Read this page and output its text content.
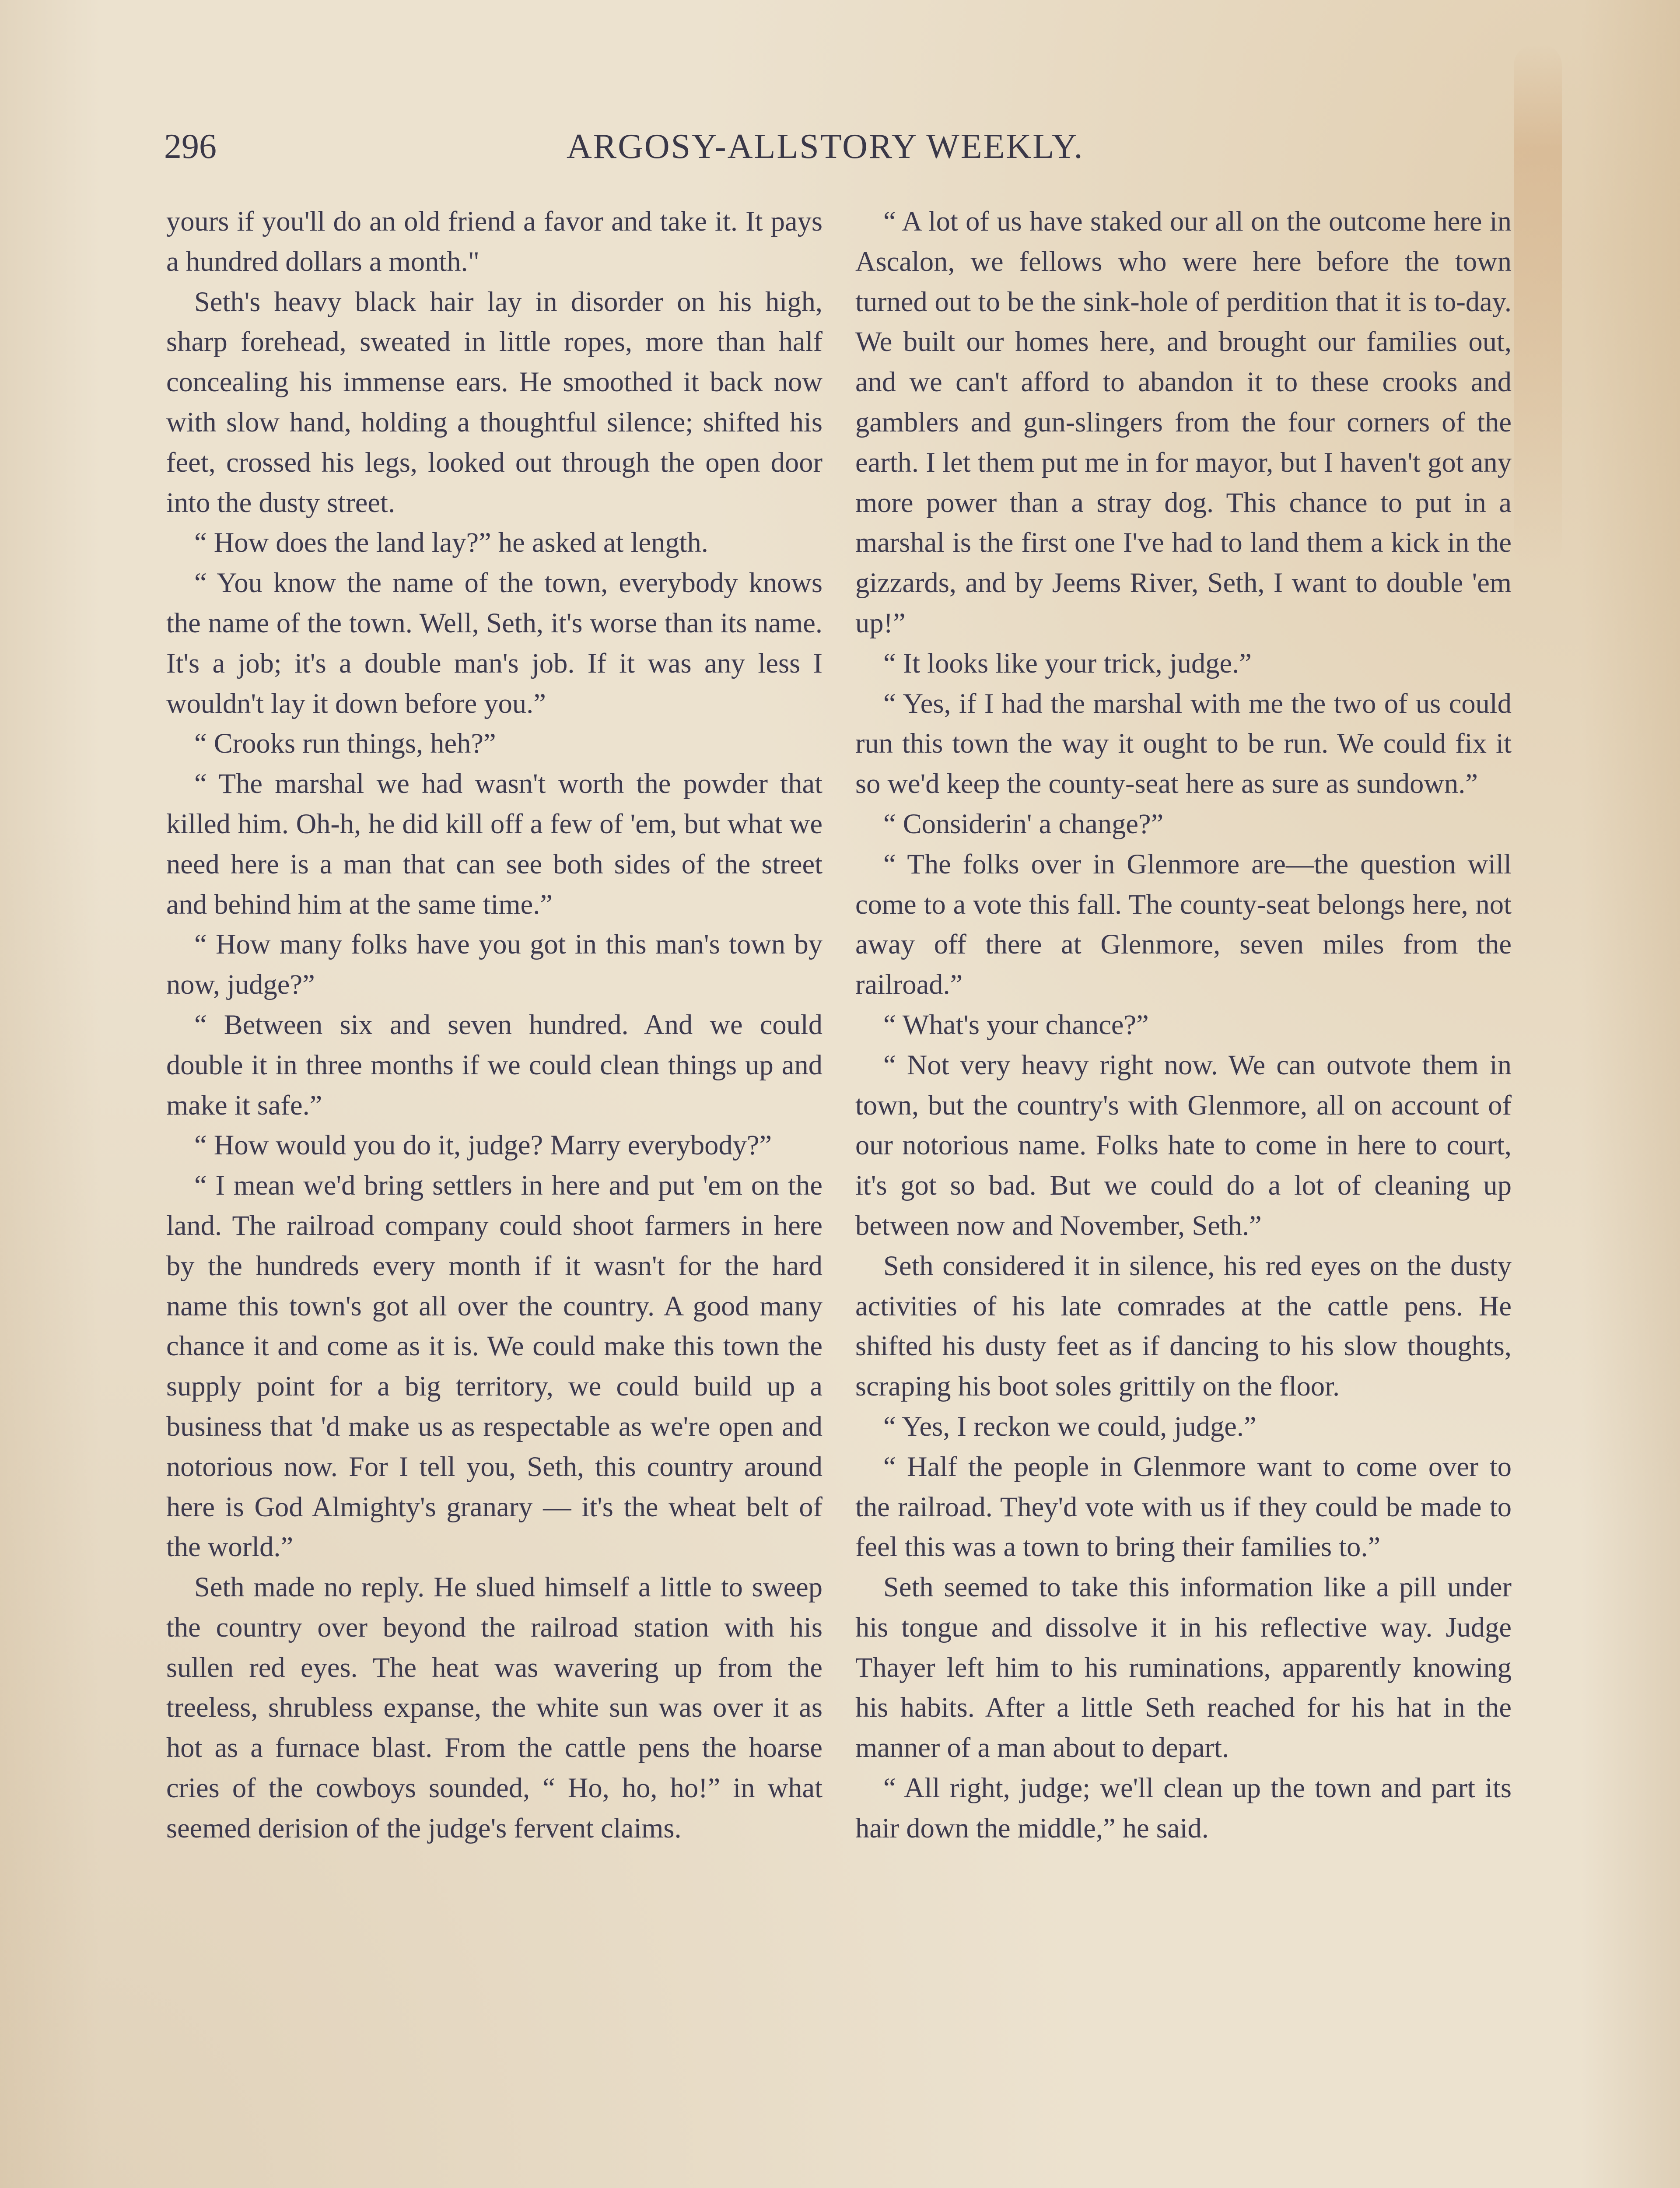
296	ARGOSY-ALLSTORY WEEKLY.

yours if you'll do an old friend a favor and take it. It pays a hundred dollars a month."

Seth's heavy black hair lay in disorder on his high, sharp forehead, sweated in little ropes, more than half concealing his immense ears. He smoothed it back now with slow hand, holding a thoughtful silence; shifted his feet, crossed his legs, looked out through the open door into the dusty street.

“ How does the land lay?” he asked at length.

“ You know the name of the town, everybody knows the name of the town. Well, Seth, it's worse than its name. It's a job; it's a double man's job. If it was any less I wouldn't lay it down before you.”

“ Crooks run things, heh?”

“ The marshal we had wasn't worth the powder that killed him. Oh-h, he did kill off a few of 'em, but what we need here is a man that can see both sides of the street and behind him at the same time.”

“ How many folks have you got in this man's town by now, judge?”

“ Between six and seven hundred. And we could double it in three months if we could clean things up and make it safe.”

“ How would you do it, judge? Marry everybody?”

“ I mean we'd bring settlers in here and put 'em on the land. The railroad company could shoot farmers in here by the hundreds every month if it wasn't for the hard name this town's got all over the country. A good many chance it and come as it is. We could make this town the supply point for a big territory, we could build up a business that 'd make us as respectable as we're open and notorious now. For I tell you, Seth, this country around here is God Almighty's granary — it's the wheat belt of the world.”

Seth made no reply. He slued himself a little to sweep the country over beyond the railroad station with his sullen red eyes. The heat was wavering up from the treeless, shrubless expanse, the white sun was over it as hot as a furnace blast. From the cattle pens the hoarse cries of the cowboys sounded, “ Ho, ho, ho!” in what seemed derision of the judge's fervent claims.

“ A lot of us have staked our all on the outcome here in Ascalon, we fellows who were here before the town turned out to be the sink-hole of perdition that it is to-day. We built our homes here, and brought our families out, and we can't afford to abandon it to these crooks and gamblers and gun-slingers from the four corners of the earth. I let them put me in for mayor, but I haven't got any more power than a stray dog. This chance to put in a marshal is the first one I've had to land them a kick in the gizzards, and by Jeems River, Seth, I want to double 'em up!”

“ It looks like your trick, judge.”

“ Yes, if I had the marshal with me the two of us could run this town the way it ought to be run. We could fix it so we'd keep the county-seat here as sure as sundown.”

“ Considerin' a change?”

“ The folks over in Glenmore are—the question will come to a vote this fall. The county-seat belongs here, not away off there at Glenmore, seven miles from the railroad.”

“ What's your chance?”

“ Not very heavy right now. We can outvote them in town, but the country's with Glenmore, all on account of our notorious name. Folks hate to come in here to court, it's got so bad. But we could do a lot of cleaning up between now and November, Seth.”

Seth considered it in silence, his red eyes on the dusty activities of his late comrades at the cattle pens. He shifted his dusty feet as if dancing to his slow thoughts, scraping his boot soles grittily on the floor.

“ Yes, I reckon we could, judge.”

“ Half the people in Glenmore want to come over to the railroad. They'd vote with us if they could be made to feel this was a town to bring their families to.”

Seth seemed to take this information like a pill under his tongue and dissolve it in his reflective way. Judge Thayer left him to his ruminations, apparently knowing his habits. After a little Seth reached for his hat in the manner of a man about to depart.

“ All right, judge; we'll clean up the town and part its hair down the middle,” he said.
